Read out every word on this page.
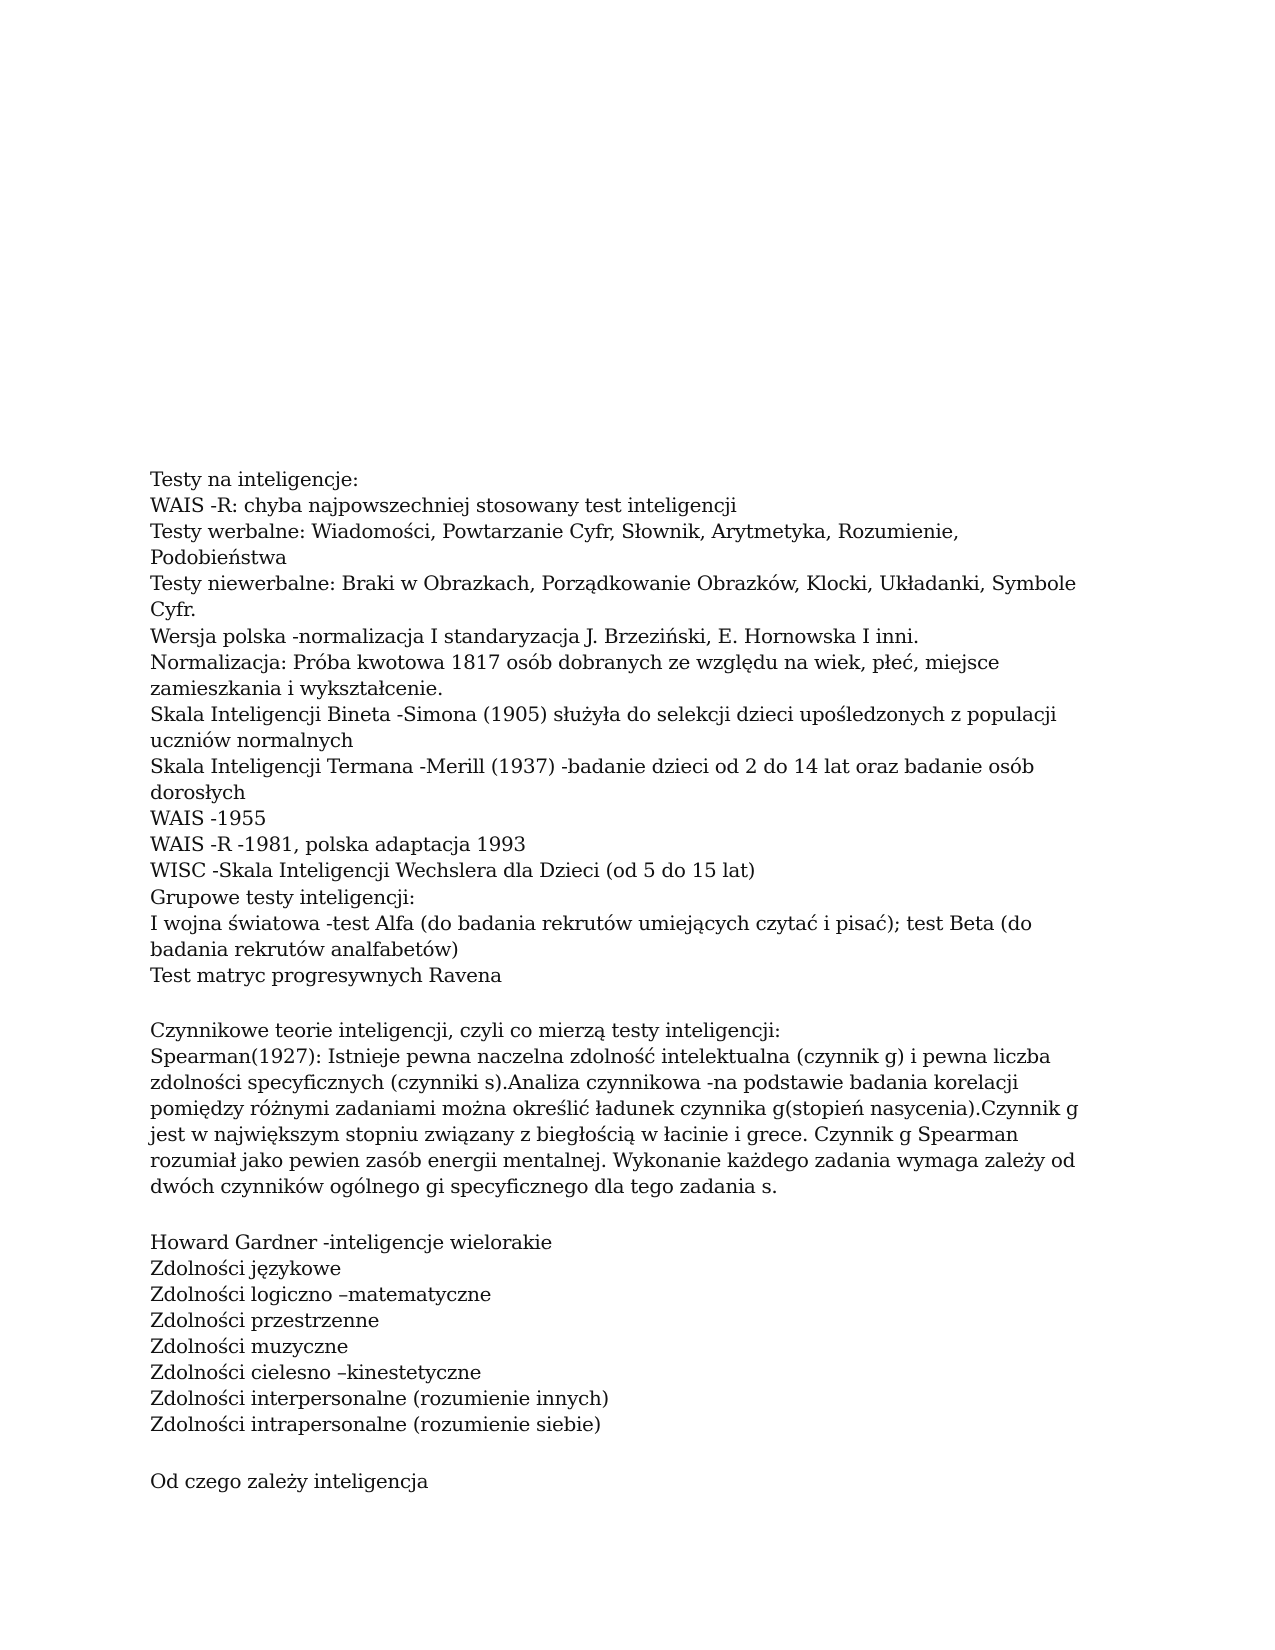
Testy na inteligencje:
WAIS -R: chyba najpowszechniej stosowany test inteligencji
Testy werbalne: Wiadomości, Powtarzanie Cyfr, Słownik, Arytmetyka, Rozumienie,
Podobieństwa
Testy niewerbalne: Braki w Obrazkach, Porządkowanie Obrazków, Klocki, Układanki, Symbole
Cyfr.
Wersja polska -normalizacja I standaryzacja J. Brzeziński, E. Hornowska I inni.
Normalizacja: Próba kwotowa 1817 osób dobranych ze względu na wiek, płeć, miejsce
zamieszkania i wykształcenie.
Skala Inteligencji Bineta -Simona (1905) służyła do selekcji dzieci upośledzonych z populacji
uczniów normalnych
Skala Inteligencji Termana -Merill (1937) -badanie dzieci od 2 do 14 lat oraz badanie osób
dorosłych
WAIS -1955
WAIS -R -1981, polska adaptacja 1993
WISC -Skala Inteligencji Wechslera dla Dzieci (od 5 do 15 lat)
Grupowe testy inteligencji:
I wojna światowa -test Alfa (do badania rekrutów umiejących czytać i pisać); test Beta (do
badania rekrutów analfabetów)
Test matryc progresywnych Ravena
Czynnikowe teorie inteligencji, czyli co mierzą testy inteligencji:
Spearman(1927): Istnieje pewna naczelna zdolność intelektualna (czynnik g) i pewna liczba
zdolności specyficznych (czynniki s).Analiza czynnikowa -na podstawie badania korelacji
pomiędzy różnymi zadaniami można określić ładunek czynnika g(stopień nasycenia).Czynnik g
jest w największym stopniu związany z biegłością w łacinie i grece. Czynnik g Spearman
rozumiał jako pewien zasób energii mentalnej. Wykonanie każdego zadania wymaga zależy od
dwóch czynników ogólnego gi specyficznego dla tego zadania s.
Howard Gardner -inteligencje wielorakie
Zdolności językowe
Zdolności logiczno –matematyczne
Zdolności przestrzenne
Zdolności muzyczne
Zdolności cielesno –kinestetyczne
Zdolności interpersonalne (rozumienie innych)
Zdolności intrapersonalne (rozumienie siebie)
Od czego zależy inteligencja
